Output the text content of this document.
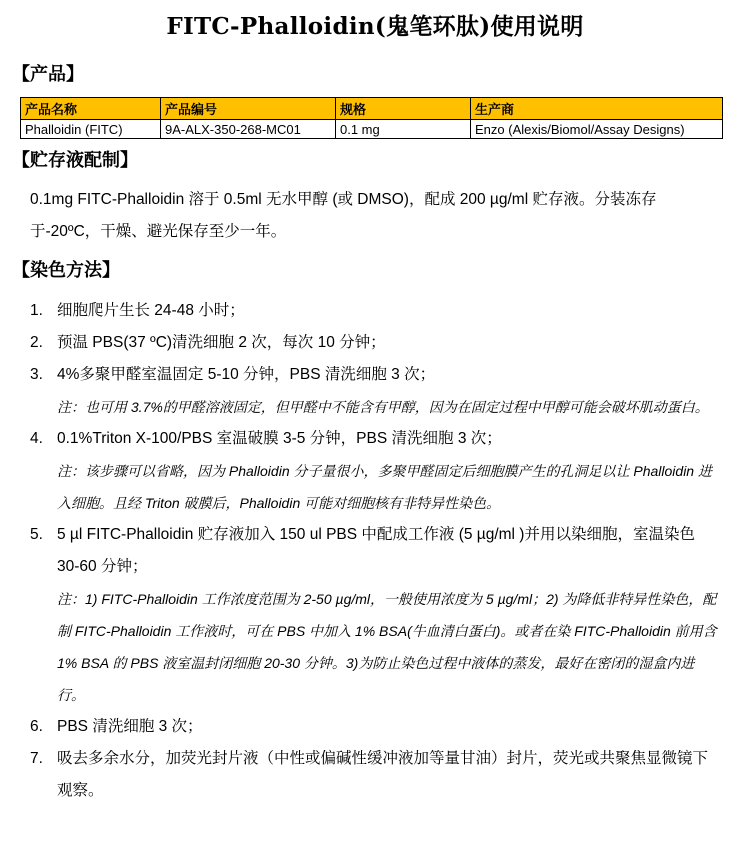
FITC-Phalloidin(鬼笔环肽)使用说明
【产品】
产品名称	产品编号	规格	生产商
Phalloidin (FITC)	9A-ALX-350-268-MC01	0.1 mg	Enzo (Alexis/Biomol/Assay Designs)
【贮存液配制】
0.1mg FITC-Phalloidin 溶于 0.5ml 无水甲醇 (或 DMSO)，配成 200 µg/ml 贮存液。分装冻存于-20ºC，干燥、避光保存至少一年。
【染色方法】
1. 细胞爬片生长 24-48 小时；
2. 预温 PBS(37 ºC)清洗细胞 2 次，每次 10 分钟；
3. 4%多聚甲醛室温固定 5-10 分钟，PBS 清洗细胞 3 次；
注：也可用 3.7%的甲醛溶液固定，但甲醛中不能含有甲醇，因为在固定过程中甲醇可能会破坏肌动蛋白。
4. 0.1%Triton X-100/PBS 室温破膜 3-5 分钟，PBS 清洗细胞 3 次；
注：该步骤可以省略，因为 Phalloidin 分子量很小，多聚甲醛固定后细胞膜产生的孔洞足以让 Phalloidin 进入细胞。且经 Triton 破膜后，Phalloidin 可能对细胞核有非特异性染色。
5. 5 µl FITC-Phalloidin 贮存液加入 150 ul PBS 中配成工作液 (5 µg/ml )并用以染细胞，室温染色 30-60 分钟；
注：1) FITC-Phalloidin 工作浓度范围为 2-50 µg/ml，一般使用浓度为 5 µg/ml；2) 为降低非特异性染色，配制 FITC-Phalloidin 工作液时，可在 PBS 中加入 1% BSA(牛血清白蛋白)。或者在染 FITC-Phalloidin 前用含 1% BSA 的 PBS 液室温封闭细胞 20-30 分钟。3)为防止染色过程中液体的蒸发，最好在密闭的湿盒内进行。
6. PBS 清洗细胞 3 次；
7. 吸去多余水分，加荧光封片液（中性或偏碱性缓冲液加等量甘油）封片，荧光或共聚焦显微镜下观察。
